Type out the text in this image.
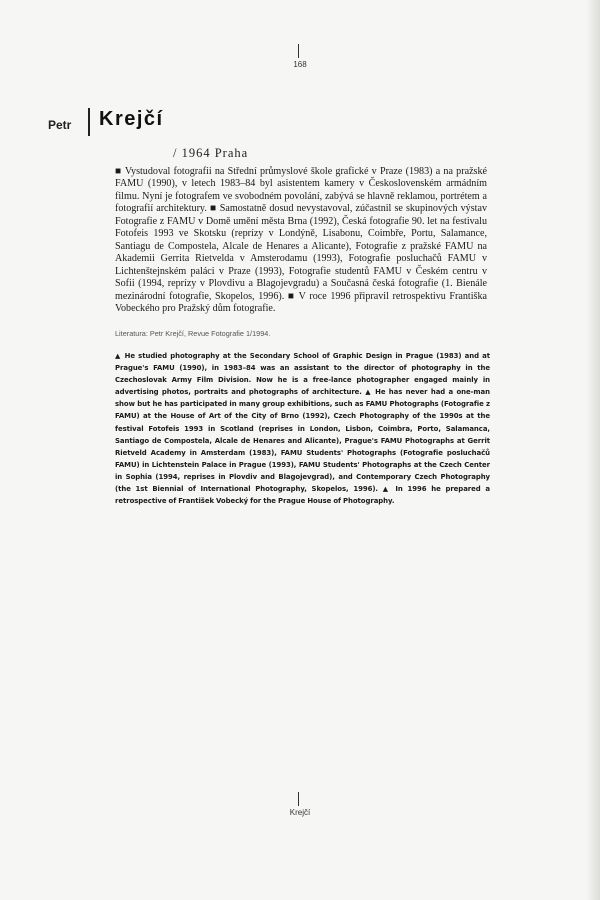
168
Petr Krejčí
/ 1964 Praha

■ Vystudoval fotografii na Střední průmyslové škole grafické v Praze (1983) a na pražské FAMU (1990), v letech 1983–84 byl asistentem kamery v Československém armádním filmu. Nyní je fotografem ve svobodném povolání, zabývá se hlavně reklamou, portrétem a fotografií architektury. ■ Samostatně dosud nevystavoval, zúčastnil se skupinových výstav Fotografie z FAMU v Domě umění města Brna (1992), Česká fotografie 90. let na festivalu Fotofeis 1993 ve Skotsku (reprízy v Londýně, Lisabonu, Coimbře, Portu, Salamance, Santiagu de Compostela, Alcale de Henares a Alicante), Fotografie z pražské FAMU na Akademii Gerrita Rietvelda v Amsterodamu (1993), Fotografie posluchačů FAMU v Lichtenštejnském paláci v Praze (1993), Fotografie studentů FAMU v Českém centru v Sofii (1994, reprízy v Plovdivu a Blagojevgradu) a Současná česká fotografie (1. Bienále mezinárodní fotografie, Skopelos, 1996). ■ V roce 1996 připravil retrospektivu Františka Vobeckého pro Pražský dům fotografie.

Literatura: Petr Krejčí, Revue Fotografie 1/1994.

▲ He studied photography at the Secondary School of Graphic Design in Prague (1983) and at Prague's FAMU (1990), in 1983–84 was an assistant to the director of photography in the Czechoslovak Army Film Division. Now he is a free-lance photographer engaged mainly in advertising photos, portraits and photographs of architecture. ▲ He has never had a one-man show but he has participated in many group exhibitions, such as FAMU Photographs (Fotografie z FAMU) at the House of Art of the City of Brno (1992), Czech Photography of the 1990s at the festival Fotofeis 1993 in Scotland (reprises in London, Lisbon, Coimbra, Porto, Salamanca, Santiago de Compostela, Alcale de Henares and Alicante), Prague's FAMU Photographs at Gerrit Rietveld Academy in Amsterdam (1983), FAMU Students' Photographs (Fotografie posluchačů FAMU) in Lichtenstein Palace in Prague (1993), FAMU Students' Photographs at the Czech Center in Sophia (1994, reprises in Plovdiv and Blagojevgrad), and Contemporary Czech Photography (the 1st Biennial of International Photography, Skopelos, 1996). ▲ In 1996 he prepared a retrospective of František Vobecký for the Prague House of Photography.

Krejčí
